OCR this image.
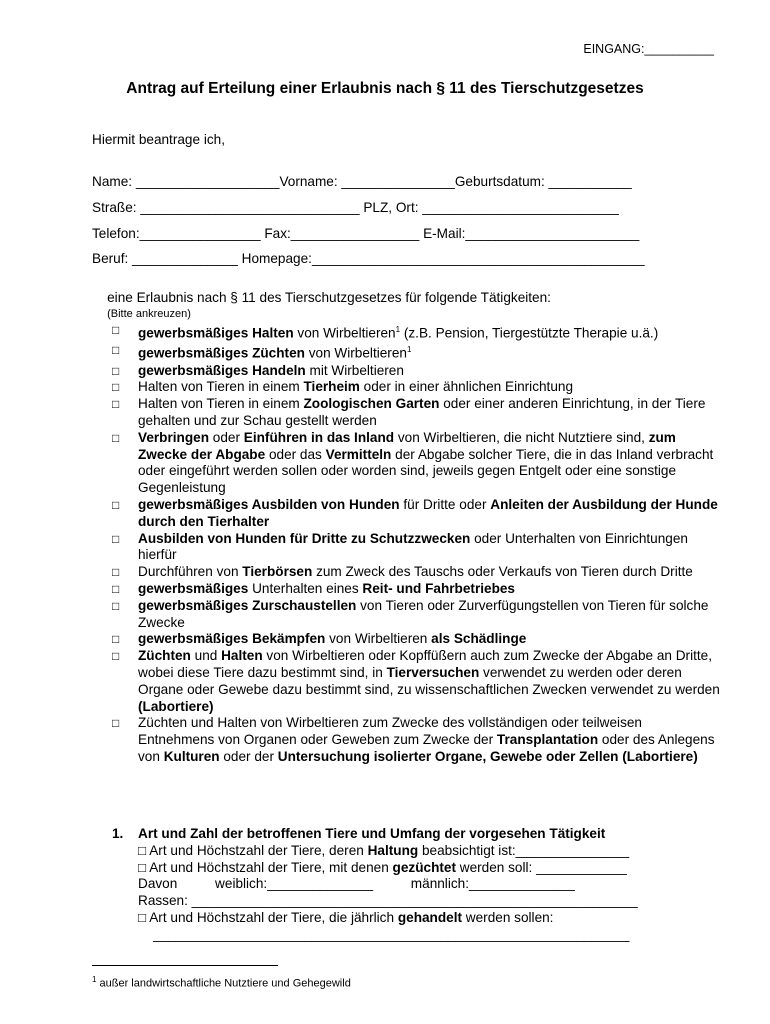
EINGANG:__________
Antrag auf Erteilung einer Erlaubnis nach § 11 des Tierschutzgesetzes
Hiermit beantrage ich,
Name: ___________________Vorname: _______________Geburtsdatum: ___________
Straße: _____________________________ PLZ, Ort: __________________________
Telefon:________________ Fax:_________________ E-Mail:_______________________
Beruf: ______________ Homepage:____________________________________________

eine Erlaubnis nach § 11 des Tierschutzgesetzes für folgende Tätigkeiten:
(Bitte ankreuzen)

□ gewerbsmäßiges Halten von Wirbeltieren$^1$ (z.B. Pension, Tiergestützte Therapie u.ä.)
□ gewerbsmäßiges Züchten von Wirbeltieren$^1$
□ gewerbsmäßiges Handeln mit Wirbeltieren
□ Halten von Tieren in einem Tierheim oder in einer ähnlichen Einrichtung
□ Halten von Tieren in einem Zoologischen Garten oder einer anderen Einrichtung, in der Tiere gehalten und zur Schau gestellt werden
□ Verbringen oder Einführen in das Inland von Wirbeltieren, die nicht Nutztiere sind, zum Zwecke der Abgabe oder das Vermitteln der Abgabe solcher Tiere, die in das Inland verbracht oder eingeführt werden sollen oder worden sind, jeweils gegen Entgelt oder eine sonstige Gegenleistung
□ gewerbsmäßiges Ausbilden von Hunden für Dritte oder Anleiten der Ausbildung der Hunde durch den Tierhalter
□ Ausbilden von Hunden für Dritte zu Schutzzwecken oder Unterhalten von Einrichtungen hierfür
□ Durchführen von Tierbörsen zum Zweck des Tauschs oder Verkaufs von Tieren durch Dritte
□ gewerbsmäßiges Unterhalten eines Reit- und Fahrbetriebes
□ gewerbsmäßiges Zurschaustellen von Tieren oder Zurverfügungstellen von Tieren für solche Zwecke
□ gewerbsmäßiges Bekämpfen von Wirbeltieren als Schädlinge
□ Züchten und Halten von Wirbeltieren oder Kopffüßern auch zum Zwecke der Abgabe an Dritte, wobei diese Tiere dazu bestimmt sind, in Tierversuchen verwendet zu werden oder deren Organe oder Gewebe dazu bestimmt sind, zu wissenschaftlichen Zwecken verwendet zu werden (Labortiere)
□ Züchten und Halten von Wirbeltieren zum Zwecke des vollständigen oder teilweisen Entnehmens von Organen oder Geweben zum Zwecke der Transplantation oder des Anlegens von Kulturen oder der Untersuchung isolierter Organe, Gewebe oder Zellen (Labortiere)
1. Art und Zahl der betroffenen Tiere und Umfang der vorgesehen Tätigkeit
□ Art und Höchstzahl der Tiere, deren Haltung beabsichtigt ist:_______________
□ Art und Höchstzahl der Tiere, mit denen gezüchtet werden soll: ____________
Davon          weiblich:______________          männlich:______________
Rassen: ___________________________________________________________
□ Art und Höchstzahl der Tiere, die jährlich gehandelt werden sollen:
_______________________________________________________________
$^1$ außer landwirtschaftliche Nutztiere und Gehegewild
